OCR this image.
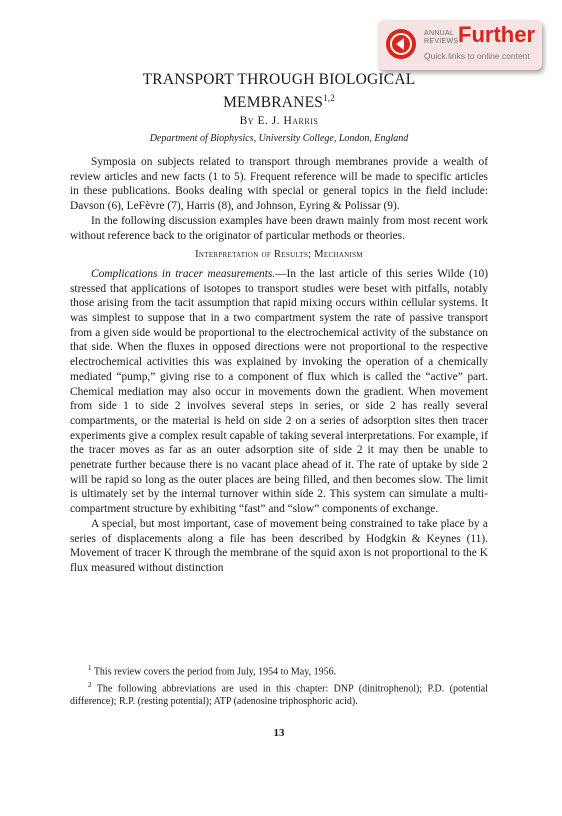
ANNUAL
REVIEWS Further
Quick links to online content
TRANSPORT THROUGH BIOLOGICAL
MEMBRANES$^{1,2}$
By E. J. Harris
Department of Biophysics, University College, London, England

Symposia on subjects related to transport through membranes provide a wealth of review articles and new facts (1 to 5). Frequent reference will be made to specific articles in these publications. Books dealing with special or general topics in the field include: Davson (6), LeFèvre (7), Harris (8), and Johnson, Eyring & Polissar (9).

In the following discussion examples have been drawn mainly from most recent work without reference back to the originator of particular methods or theories.

Interpretation of Results; Mechanism

Complications in tracer measurements.—In the last article of this series Wilde (10) stressed that applications of isotopes to transport studies were beset with pitfalls, notably those arising from the tacit assumption that rapid mixing occurs within cellular systems. It was simplest to suppose that in a two compartment system the rate of passive transport from a given side would be proportional to the electrochemical activity of the substance on that side. When the fluxes in opposed directions were not proportional to the respective electrochemical activities this was explained by invoking the operation of a chemically mediated “pump,” giving rise to a component of flux which is called the “active” part. Chemical mediation may also occur in movements down the gradient. When movement from side 1 to side 2 involves several steps in series, or side 2 has really several compartments, or the material is held on side 2 on a series of adsorption sites then tracer experiments give a complex result capable of taking several interpretations. For example, if the tracer moves as far as an outer adsorption site of side 2 it may then be unable to penetrate further because there is no vacant place ahead of it. The rate of uptake by side 2 will be rapid so long as the outer places are being filled, and then becomes slow. The limit is ultimately set by the internal turnover within side 2. This system can simulate a multi-compartment structure by exhibiting “fast” and “slow” components of exchange.

A special, but most important, case of movement being constrained to take place by a series of displacements along a file has been described by Hodgkin & Keynes (11). Movement of tracer K through the membrane of the squid axon is not proportional to the K flux measured without distinction

$^1$ This review covers the period from July, 1954 to May, 1956.

$^2$ The following abbreviations are used in this chapter: DNP (dinitrophenol); P.D. (potential difference); R.P. (resting potential); ATP (adenosine triphosphoric acid).

13
